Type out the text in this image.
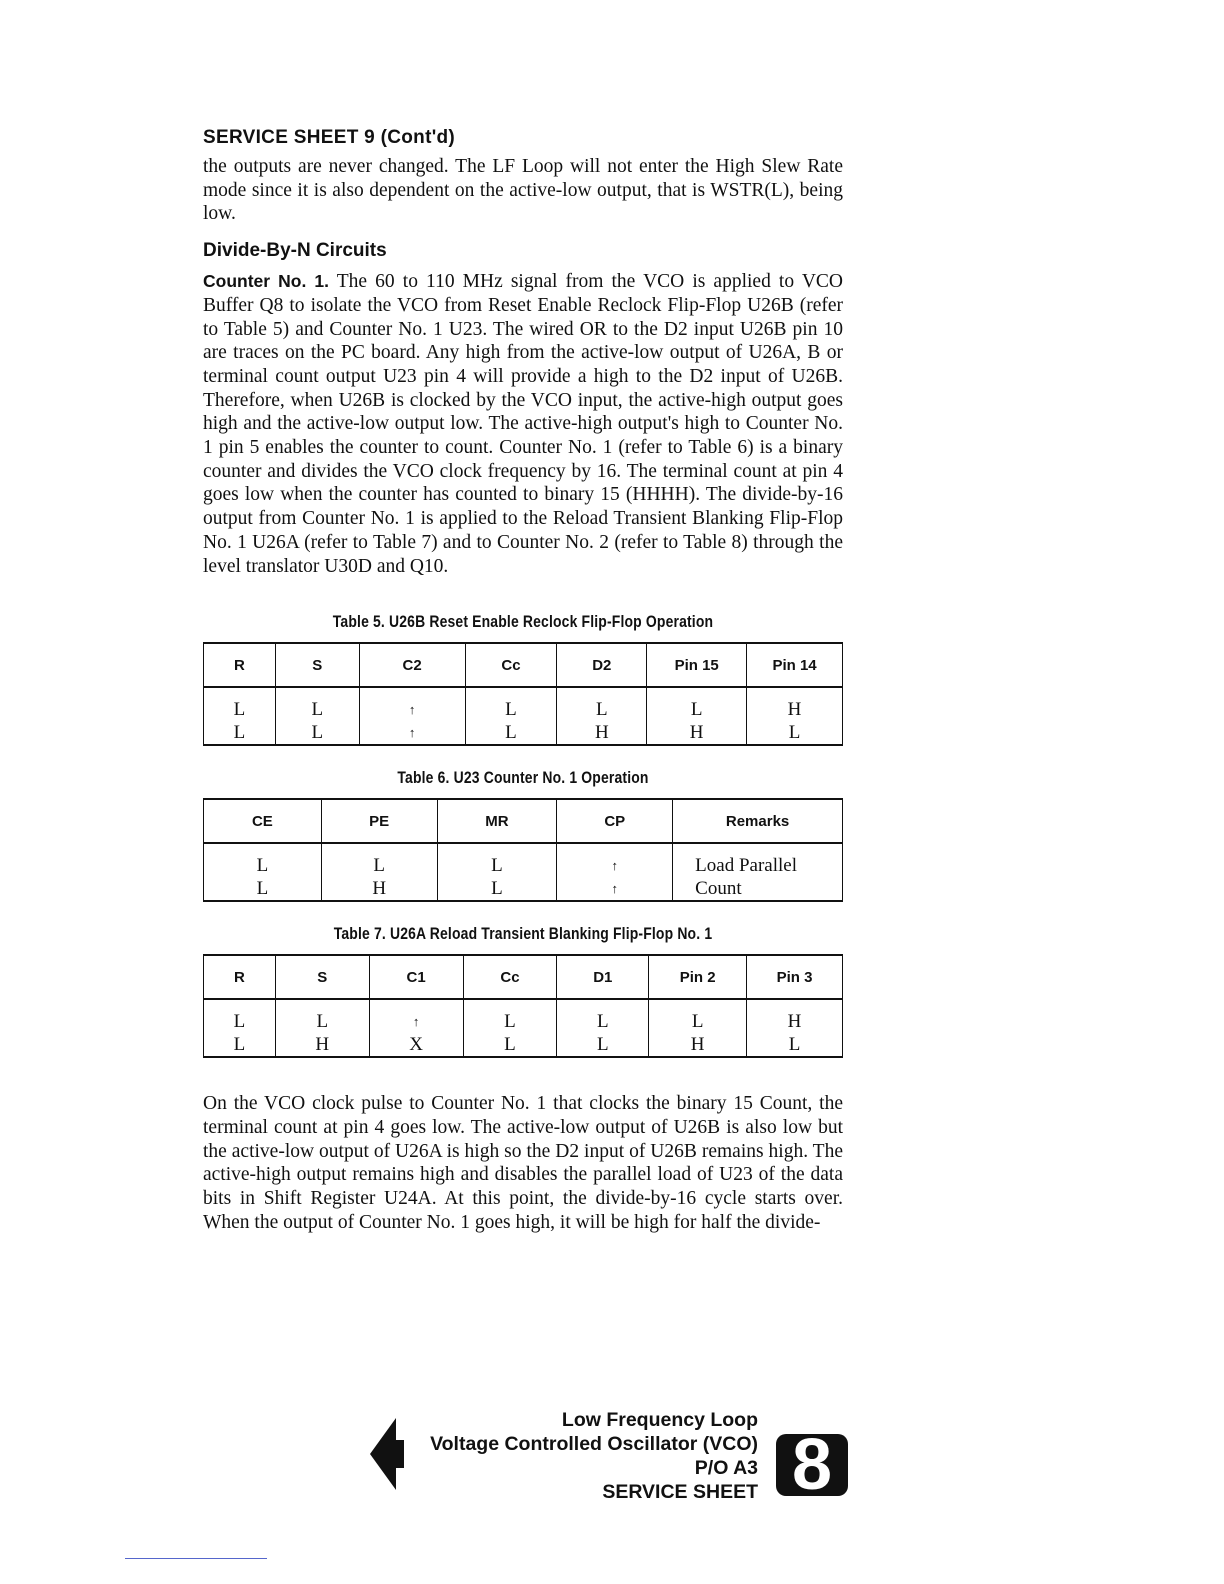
SERVICE SHEET 9 (Cont'd)

the outputs are never changed. The LF Loop will not enter the High Slew Rate mode since it is also dependent on the active-low output, that is WSTR(L), being low.

Divide-By-N Circuits

Counter No. 1. The 60 to 110 MHz signal from the VCO is applied to VCO Buffer Q8 to isolate the VCO from Reset Enable Reclock Flip-Flop U26B (refer to Table 5) and Counter No. 1 U23. The wired OR to the D2 input U26B pin 10 are traces on the PC board. Any high from the active-low output of U26A, B or terminal count output U23 pin 4 will provide a high to the D2 input of U26B. Therefore, when U26B is clocked by the VCO input, the active-high output goes high and the active-low output low. The active-high output's high to Counter No. 1 pin 5 enables the counter to count. Counter No. 1 (refer to Table 6) is a binary counter and divides the VCO clock frequency by 16. The terminal count at pin 4 goes low when the counter has counted to binary 15 (HHHH). The divide-by-16 output from Counter No. 1 is applied to the Reload Transient Blanking Flip-Flop No. 1 U26A (refer to Table 7) and to Counter No. 2 (refer to Table 8) through the level translator U30D and Q10.

Table 5. U26B Reset Enable Reclock Flip-Flop Operation

R	S	C2	Cc	D2	Pin 15	Pin 14
L	L	↑	L	L	L	H
L	L	↑	L	H	H	L

Table 6. U23 Counter No. 1 Operation

CE	PE	MR	CP	Remarks
L	L	L	↑	Load Parallel
L	H	L	↑	Count

Table 7. U26A Reload Transient Blanking Flip-Flop No. 1

R	S	C1	Cc	D1	Pin 2	Pin 3
L	L	↑	L	L	L	H
L	H	X	L	L	H	L

On the VCO clock pulse to Counter No. 1 that clocks the binary 15 Count, the terminal count at pin 4 goes low. The active-low output of U26B is also low but the active-low output of U26A is high so the D2 input of U26B remains high. The active-high output remains high and disables the parallel load of U23 of the data bits in Shift Register U24A. At this point, the divide-by-16 cycle starts over. When the output of Counter No. 1 goes high, it will be high for half the divide-

Low Frequency Loop
Voltage Controlled Oscillator (VCO)
P/O A3
SERVICE SHEET 8
